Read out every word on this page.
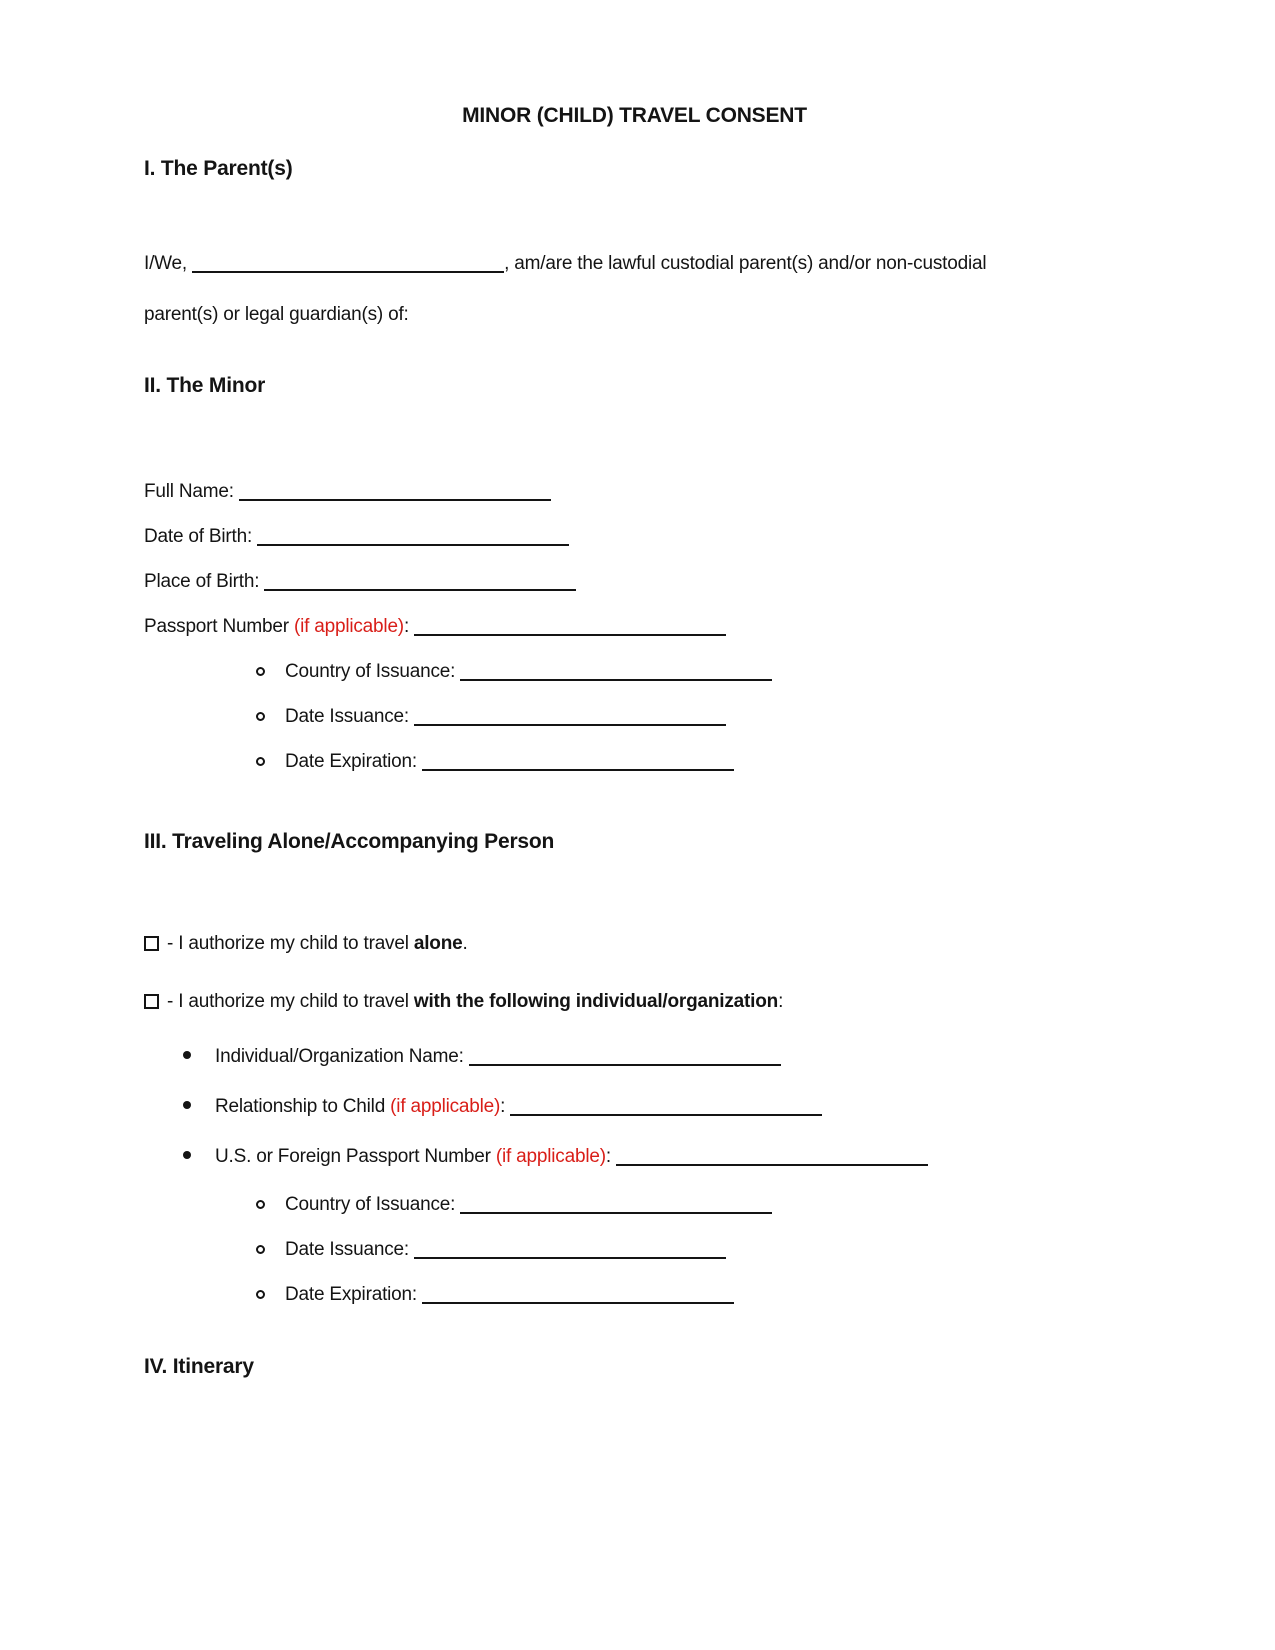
MINOR (CHILD) TRAVEL CONSENT
I. The Parent(s)
I/We,	, am/are the lawful custodial parent(s) and/or non-custodial
parent(s) or legal guardian(s) of:
II. The Minor
Full Name:
Date of Birth:
Place of Birth:
Passport Number (if applicable):
Country of Issuance:
Date Issuance:
Date Expiration:
III. Traveling Alone/Accompanying Person
- I authorize my child to travel alone.
- I authorize my child to travel with the following individual/organization:
Individual/Organization Name:
Relationship to Child (if applicable):
U.S. or Foreign Passport Number (if applicable):
Country of Issuance:
Date Issuance:
Date Expiration:
IV. Itinerary
